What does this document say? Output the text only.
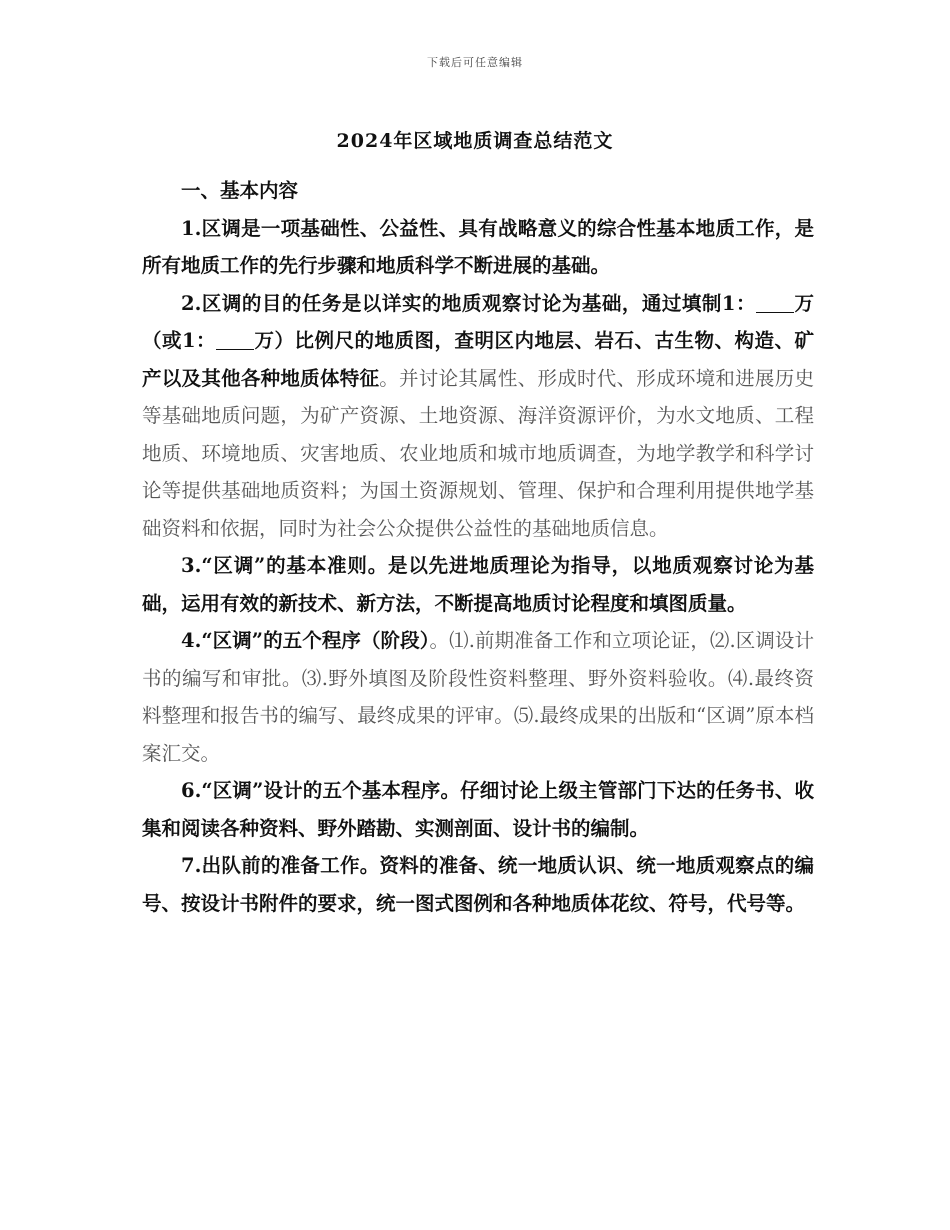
下载后可任意编辑
2024年区域地质调查总结范文

一、基本内容

1.区调是一项基础性、公益性、具有战略意义的综合性基本地质工作，是所有地质工作的先行步骤和地质科学不断进展的基础。

2.区调的目的任务是以详实的地质观察讨论为基础，通过填制1： 万（或1： 万）比例尺的地质图，查明区内地层、岩石、古生物、构造、矿产以及其他各种地质体特征。并讨论其属性、形成时代、形成环境和进展历史等基础地质问题，为矿产资源、土地资源、海洋资源评价，为水文地质、工程地质、环境地质、灾害地质、农业地质和城市地质调查，为地学教学和科学讨论等提供基础地质资料；为国土资源规划、管理、保护和合理利用提供地学基础资料和依据，同时为社会公众提供公益性的基础地质信息。

3.“区调”的基本准则。是以先进地质理论为指导，以地质观察讨论为基础，运用有效的新技术、新方法，不断提高地质讨论程度和填图质量。

4.“区调”的五个程序（阶段）。⑴.前期准备工作和立项论证，⑵.区调设计书的编写和审批。⑶.野外填图及阶段性资料整理、野外资料验收。⑷.最终资料整理和报告书的编写、最终成果的评审。⑸.最终成果的出版和“区调”原本档案汇交。

6.“区调”设计的五个基本程序。仔细讨论上级主管部门下达的任务书、收集和阅读各种资料、野外踏勘、实测剖面、设计书的编制。

7.出队前的准备工作。资料的准备、统一地质认识、统一地质观察点的编号、按设计书附件的要求，统一图式图例和各种地质体花纹、符号，代号等。
